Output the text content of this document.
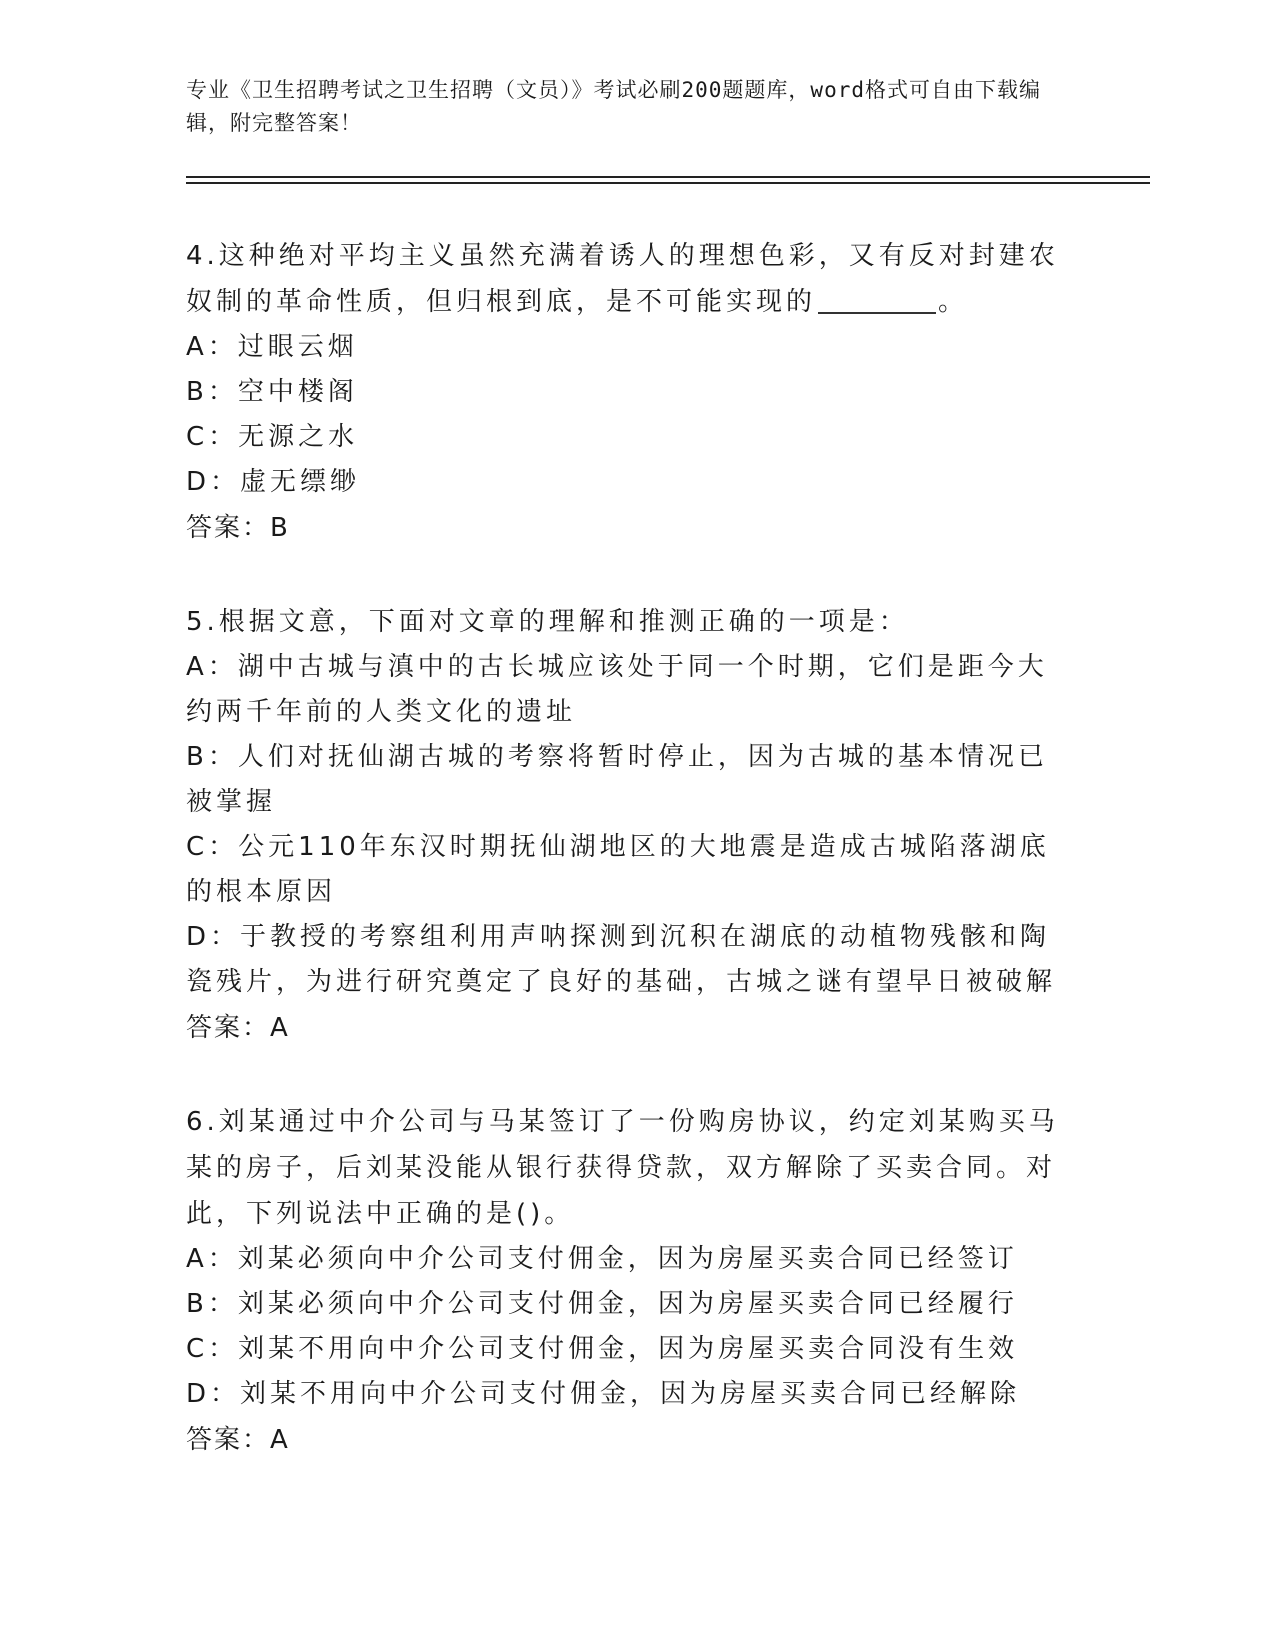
专业《卫生招聘考试之卫生招聘（文员）》考试必刷200题题库，word格式可自由下载编辑，附完整答案！
4.这种绝对平均主义虽然充满着诱人的理想色彩，又有反对封建农奴制的革命性质，但归根到底，是不可能实现的	。
A：过眼云烟
B：空中楼阁
C：无源之水
D：虚无缥缈
答案：B
5.根据文意，下面对文章的理解和推测正确的一项是：
A：湖中古城与滇中的古长城应该处于同一个时期，它们是距今大约两千年前的人类文化的遗址
B：人们对抚仙湖古城的考察将暂时停止，因为古城的基本情况已被掌握
C：公元110年东汉时期抚仙湖地区的大地震是造成古城陷落湖底的根本原因
D：于教授的考察组利用声呐探测到沉积在湖底的动植物残骸和陶瓷残片，为进行研究奠定了良好的基础，古城之谜有望早日被破解
答案：A
6.刘某通过中介公司与马某签订了一份购房协议，约定刘某购买马某的房子，后刘某没能从银行获得贷款，双方解除了买卖合同。对此，下列说法中正确的是()。
A：刘某必须向中介公司支付佣金，因为房屋买卖合同已经签订
B：刘某必须向中介公司支付佣金，因为房屋买卖合同已经履行
C：刘某不用向中介公司支付佣金，因为房屋买卖合同没有生效
D：刘某不用向中介公司支付佣金，因为房屋买卖合同已经解除
答案：A
